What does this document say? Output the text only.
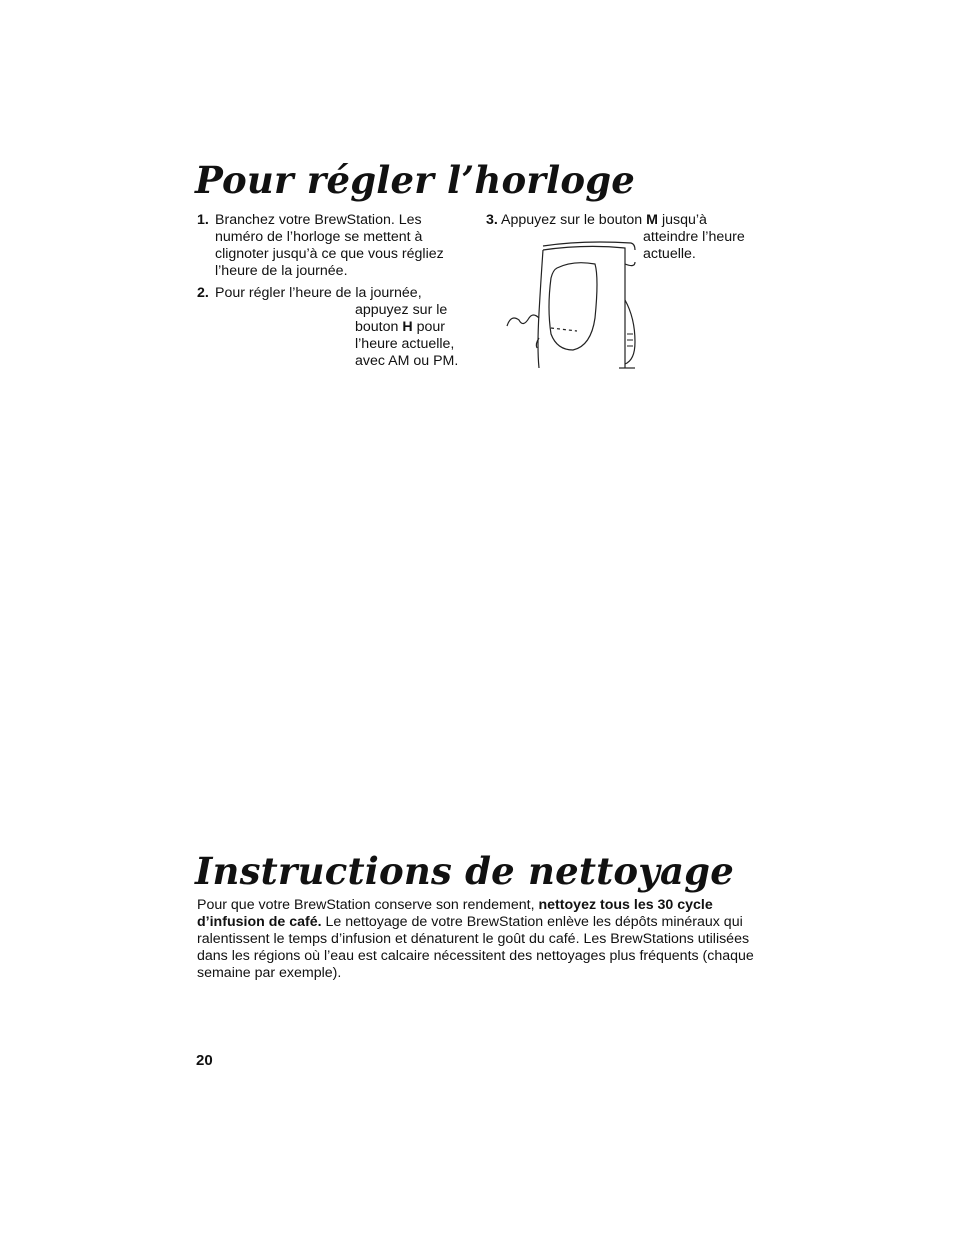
Pour régler l’horloge
1. Branchez votre BrewStation. Les numéro de l’horloge se mettent à clignoter jusqu’à ce que vous régliez l’heure de la journée.
2. Pour régler l’heure de la journée,
appuyez sur le bouton H pour l’heure actuelle, avec AM ou PM.
3. Appuyez sur le bouton M jusqu’à
atteindre l’heure actuelle.
Instructions de nettoyage

Pour que votre BrewStation conserve son rendement, nettoyez tous les 30 cycle d’infusion de café. Le nettoyage de votre BrewStation enlève les dépôts minéraux qui ralentissent le temps d’infusion et dénaturent le goût du café. Les BrewStations utilisées dans les régions où l’eau est calcaire nécessitent des nettoyages plus fréquents (chaque semaine par exemple).

20
